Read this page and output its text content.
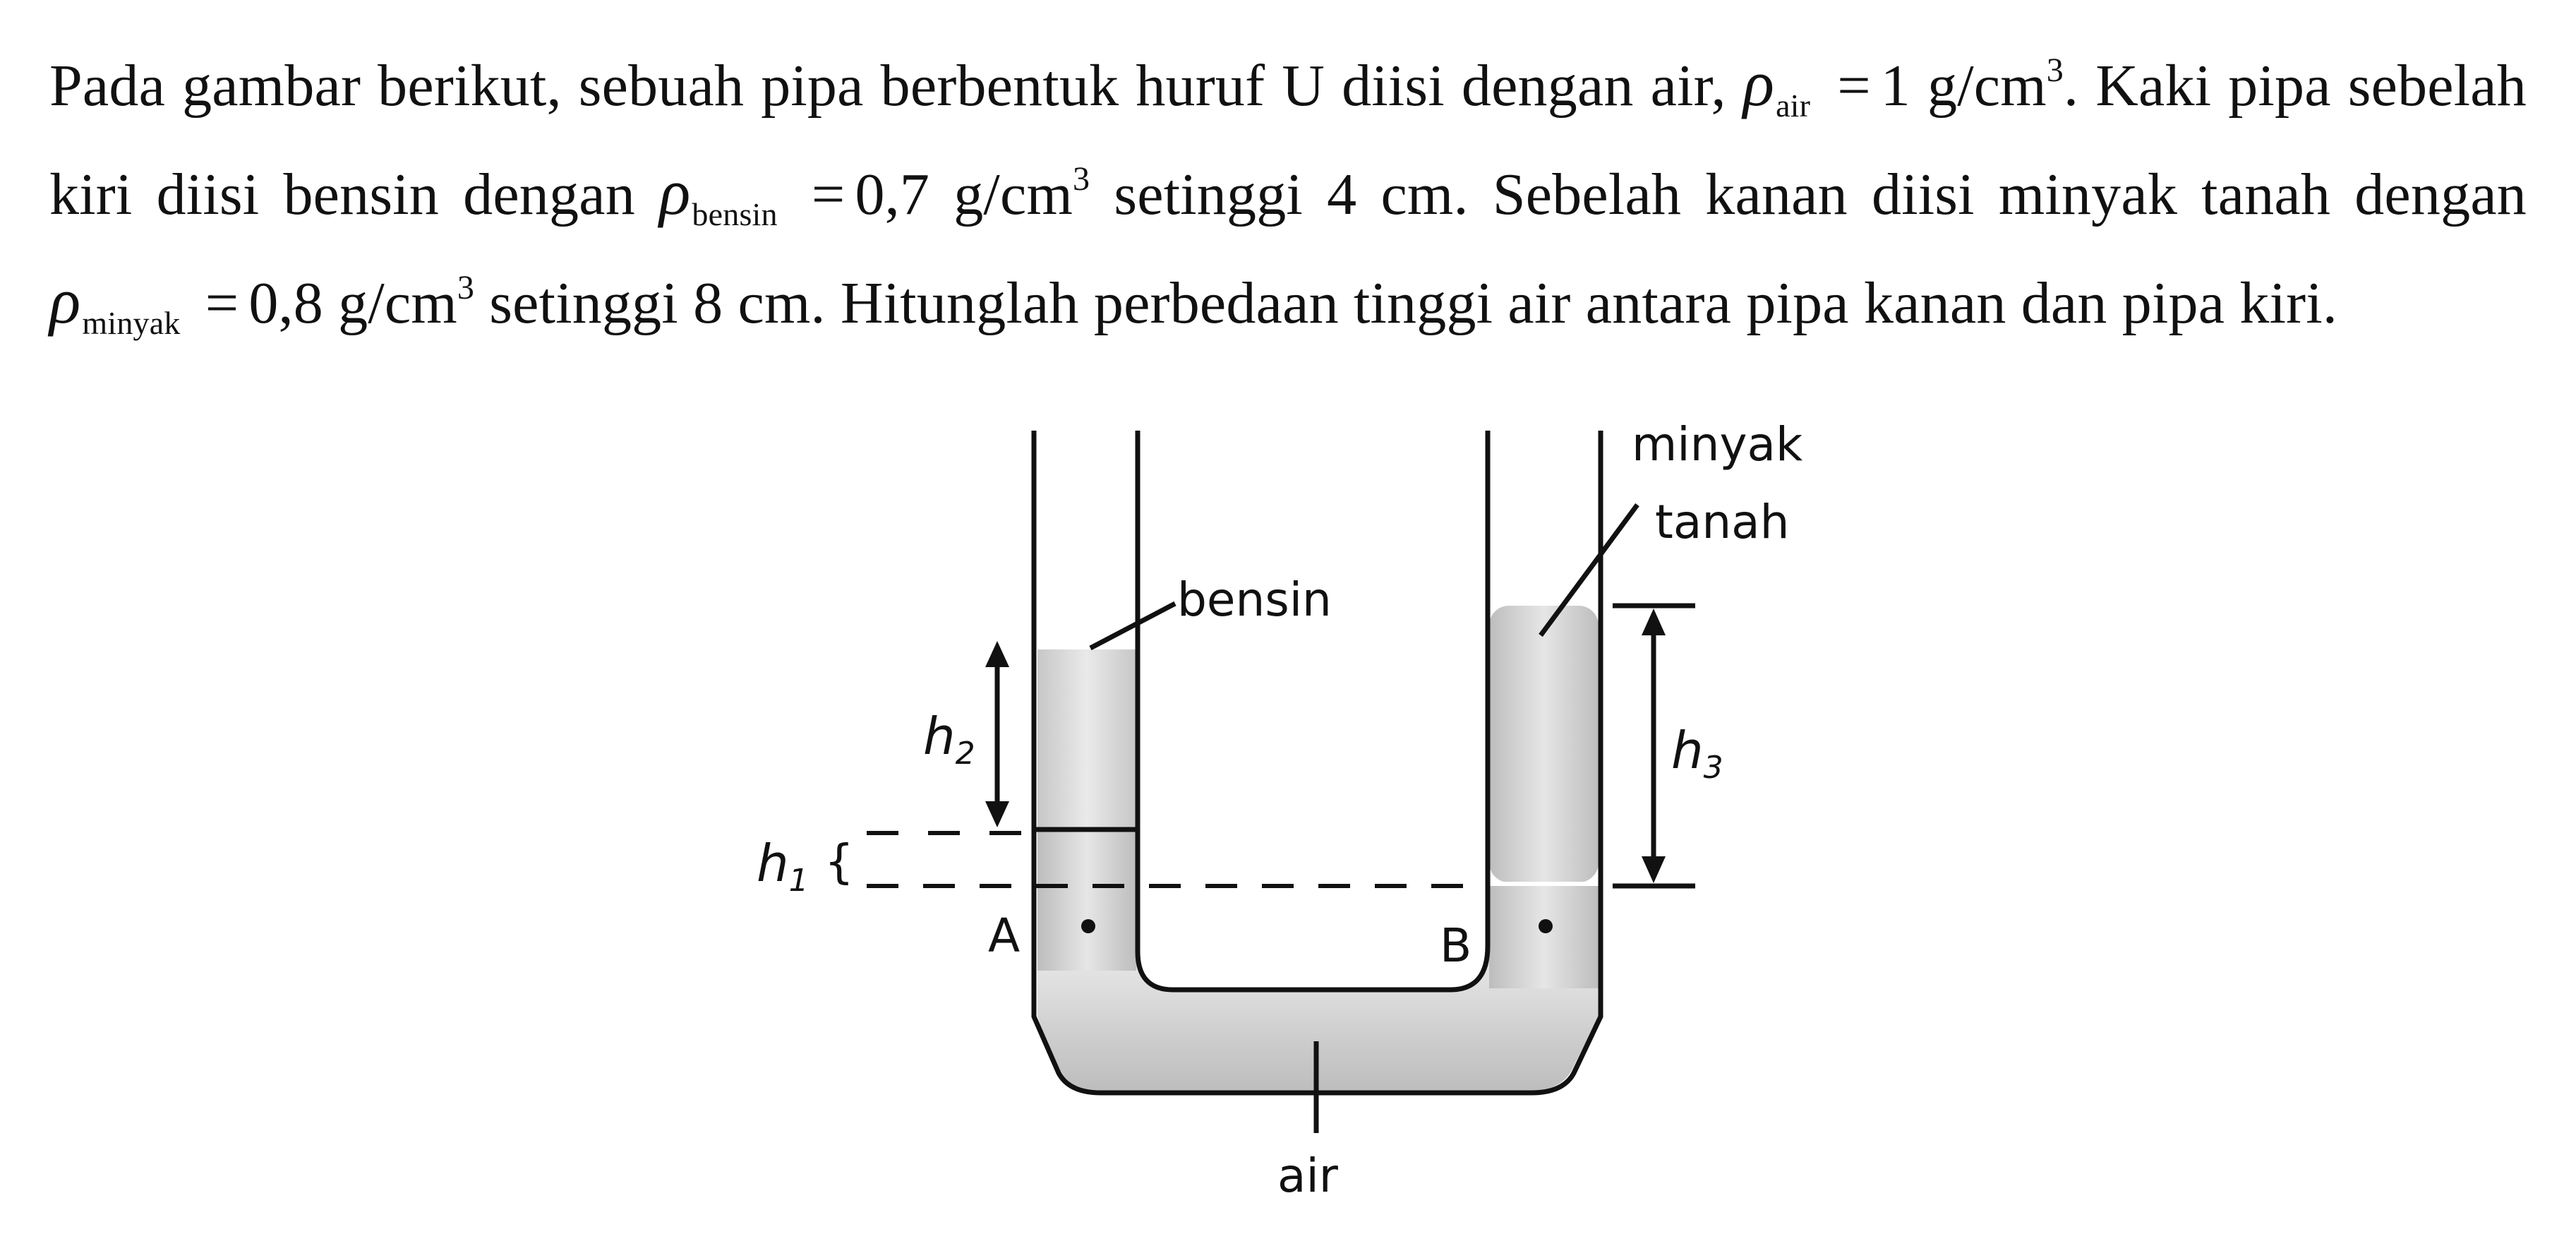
Pada gambar berikut, sebuah pipa berbentuk huruf U diisi dengan air, $\rho_{air} = 1$ $g/cm^3$. Kaki pipa sebelah kiri diisi bensin dengan $\rho_{bensin} = 0,7$ $g/cm^3$ setinggi 4 cm. Sebelah kanan diisi minyak tanah dengan $\rho_{minyak} = 0,8$ $g/cm^3$ setinggi 8 cm. Hitunglah perbedaan tinggi air antara pipa kanan dan pipa kiri.
A	B
h2
h1 {
h3
bensin
minyak
tanah
air
